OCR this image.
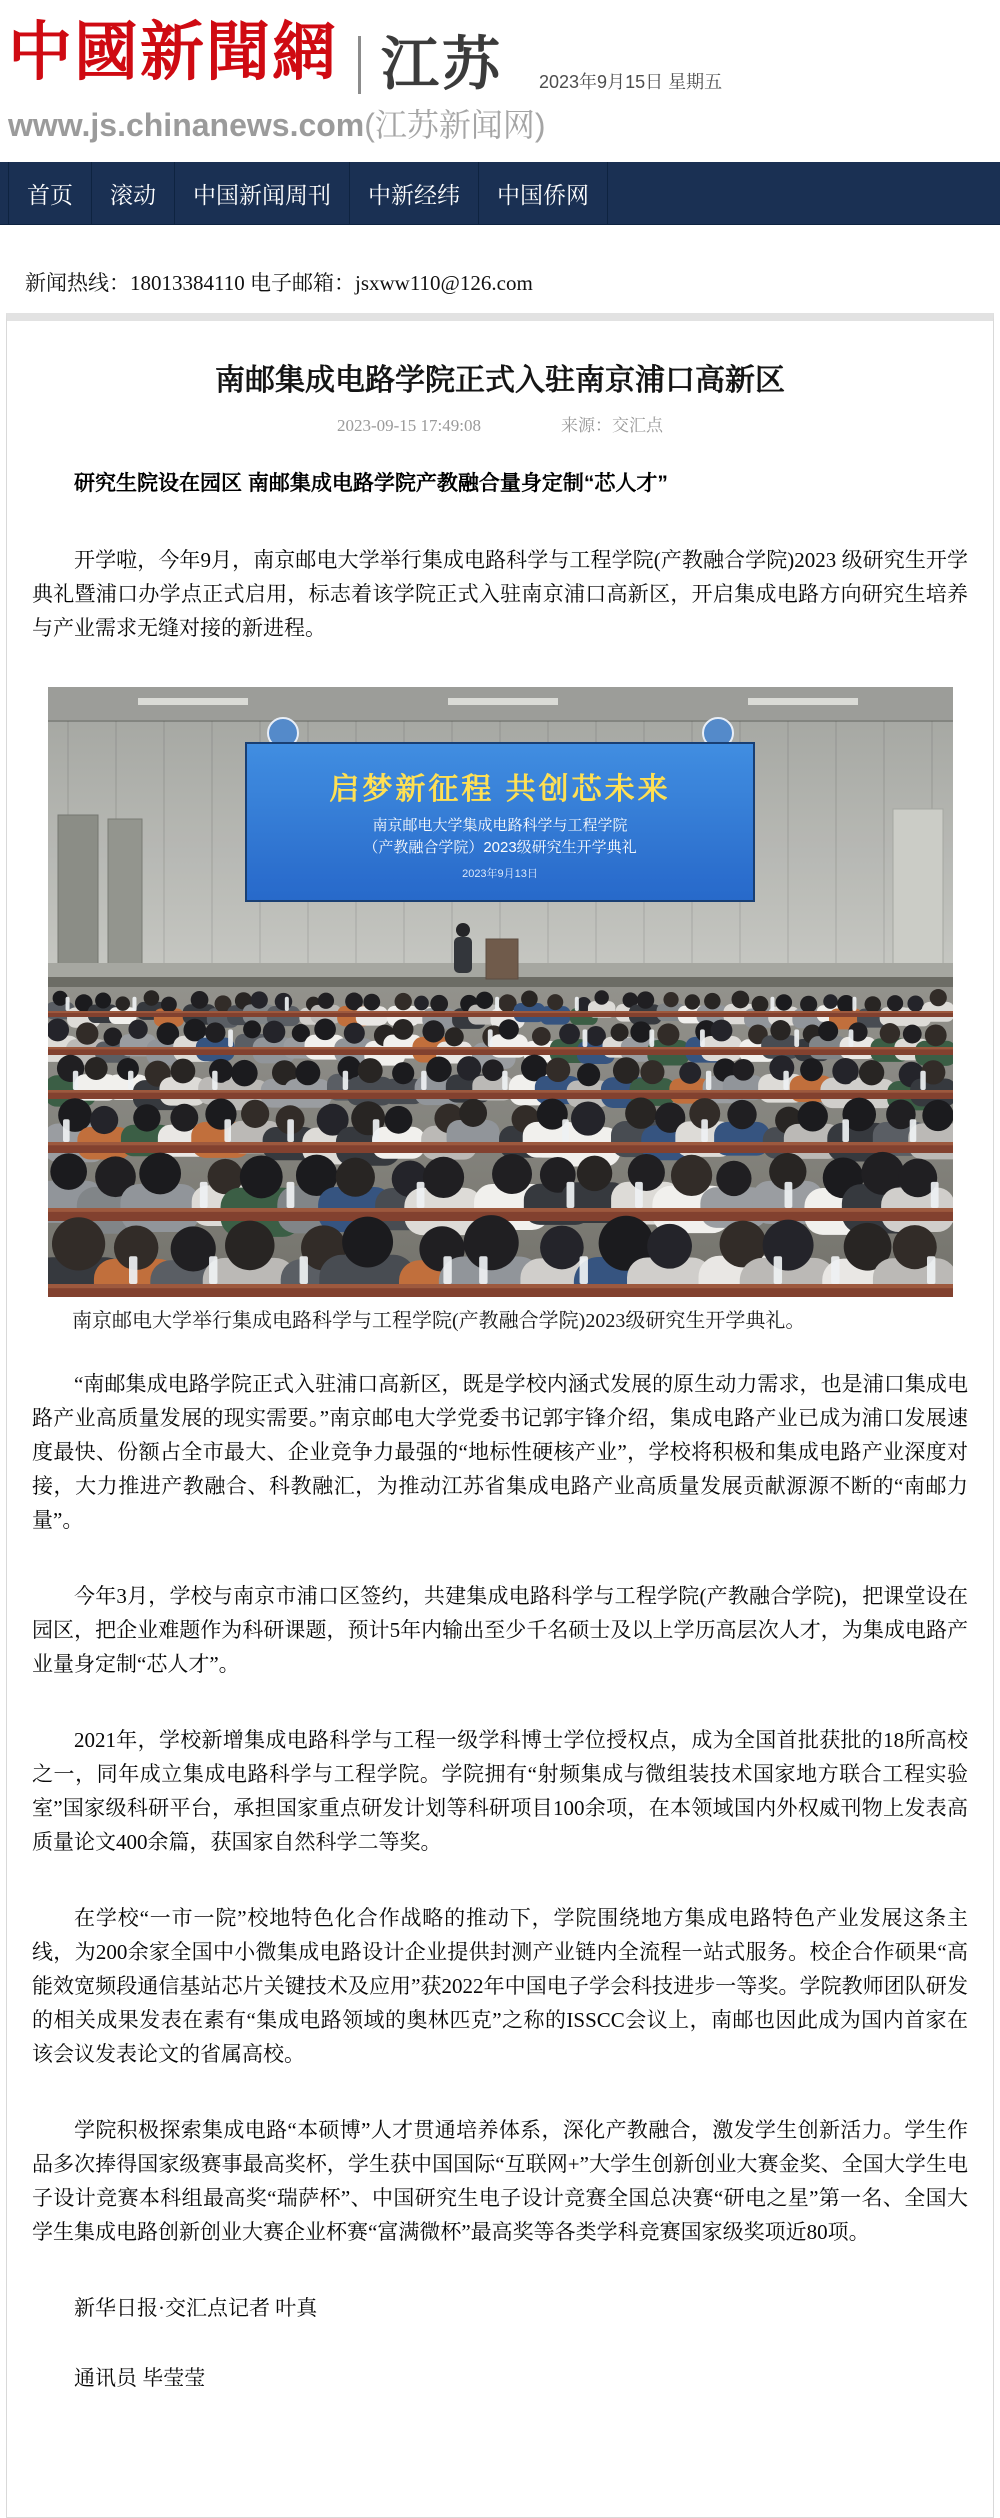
中國新聞網 江苏 2023年9月15日 星期五
www.js.chinanews.com(江苏新闻网)
首页	滚动	中国新闻周刊	中新经纬	中国侨网
新闻热线：18013384110 电子邮箱：jsxww110@126.com
南邮集成电路学院正式入驻南京浦口高新区
2023-09-15 17:49:08	来源：交汇点

研究生院设在园区 南邮集成电路学院产教融合量身定制“芯人才”

开学啦，今年9月，南京邮电大学举行集成电路科学与工程学院(产教融合学院)2023 级研究生开学典礼暨浦口办学点正式启用，标志着该学院正式入驻南京浦口高新区，开启集成电路方向研究生培养与产业需求无缝对接的新进程。

启梦新征程 共创芯未来
南京邮电大学集成电路科学与工程学院
（产教融合学院）2023级研究生开学典礼
2023年9月13日

南京邮电大学举行集成电路科学与工程学院(产教融合学院)2023级研究生开学典礼。

“南邮集成电路学院正式入驻浦口高新区，既是学校内涵式发展的原生动力需求，也是浦口集成电路产业高质量发展的现实需要。”南京邮电大学党委书记郭宇锋介绍，集成电路产业已成为浦口发展速度最快、份额占全市最大、企业竞争力最强的“地标性硬核产业”，学校将积极和集成电路产业深度对接，大力推进产教融合、科教融汇，为推动江苏省集成电路产业高质量发展贡献源源不断的“南邮力量”。

今年3月，学校与南京市浦口区签约，共建集成电路科学与工程学院(产教融合学院)，把课堂设在园区，把企业难题作为科研课题，预计5年内输出至少千名硕士及以上学历高层次人才，为集成电路产业量身定制“芯人才”。

2021年，学校新增集成电路科学与工程一级学科博士学位授权点，成为全国首批获批的18所高校之一，同年成立集成电路科学与工程学院。学院拥有“射频集成与微组装技术国家地方联合工程实验室”国家级科研平台，承担国家重点研发计划等科研项目100余项，在本领域国内外权威刊物上发表高质量论文400余篇，获国家自然科学二等奖。

在学校“一市一院”校地特色化合作战略的推动下，学院围绕地方集成电路特色产业发展这条主线，为200余家全国中小微集成电路设计企业提供封测产业链内全流程一站式服务。校企合作硕果“高能效宽频段通信基站芯片关键技术及应用”获2022年中国电子学会科技进步一等奖。学院教师团队研发的相关成果发表在素有“集成电路领域的奥林匹克”之称的ISSCC会议上，南邮也因此成为国内首家在该会议发表论文的省属高校。

学院积极探索集成电路“本硕博”人才贯通培养体系，深化产教融合，激发学生创新活力。学生作品多次捧得国家级赛事最高奖杯，学生获中国国际“互联网+”大学生创新创业大赛金奖、全国大学生电子设计竞赛本科组最高奖“瑞萨杯”、中国研究生电子设计竞赛全国总决赛“研电之星”第一名、全国大学生集成电路创新创业大赛企业杯赛“富满微杯”最高奖等各类学科竞赛国家级奖项近80项。

新华日报·交汇点记者 叶真

通讯员 毕莹莹
